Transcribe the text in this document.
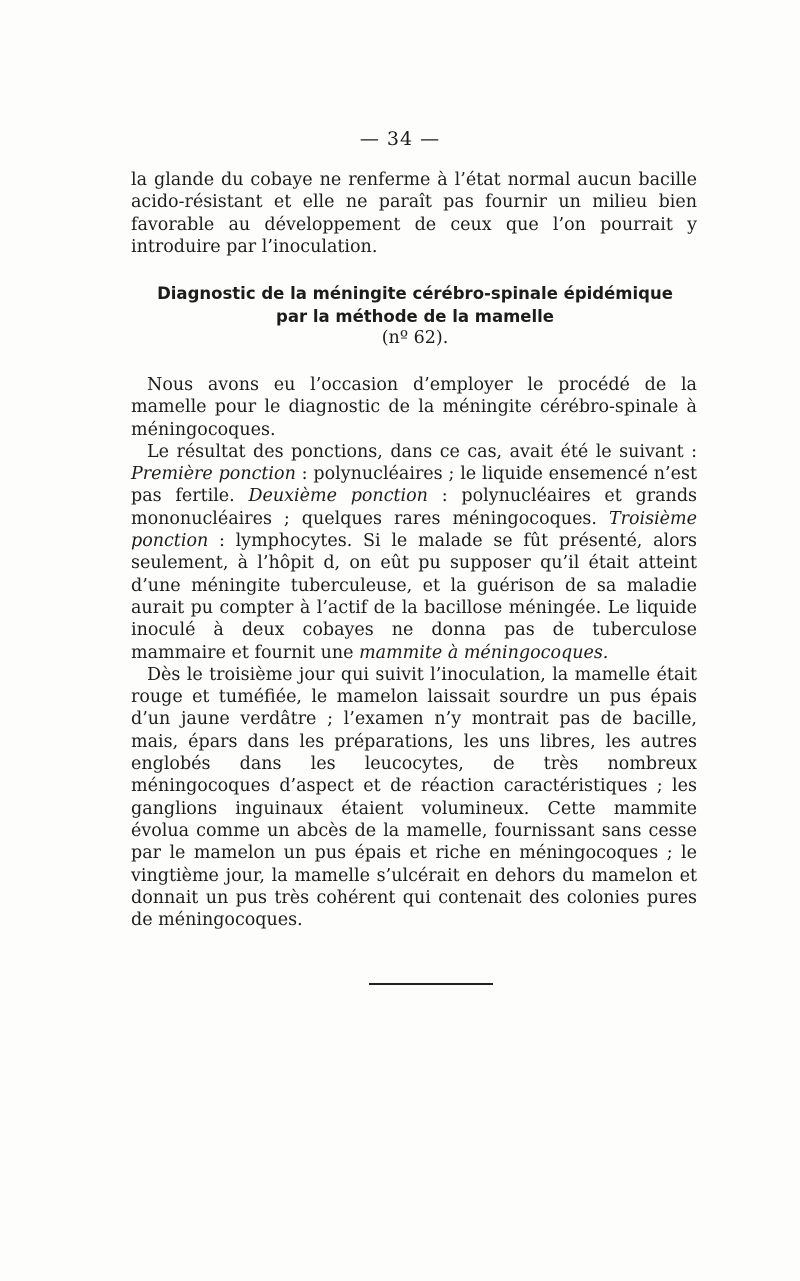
— 34 —

la glande du cobaye ne renferme à l’état normal aucun bacille acido-résistant et elle ne paraît pas fournir un milieu bien favorable au développement de ceux que l’on pourrait y introduire par l’inoculation.

Diagnostic de la méningite cérébro-spinale épidémique
par la méthode de la mamelle
(nº 62).

Nous avons eu l’occasion d’employer le procédé de la mamelle pour le diagnostic de la méningite cérébro-spinale à méningocoques.

Le résultat des ponctions, dans ce cas, avait été le suivant : Première ponction : polynucléaires ; le liquide ensemencé n’est pas fertile. Deuxième ponction : polynucléaires et grands mononucléaires ; quelques rares méningocoques. Troisième ponction : lymphocytes. Si le malade se fût présenté, alors seulement, à l’hôpit d, on eût pu supposer qu’il était atteint d’une méningite tuberculeuse, et la guérison de sa maladie aurait pu compter à l’actif de la bacillose méningée. Le liquide inoculé à deux cobayes ne donna pas de tuberculose mammaire et fournit une mammite à méningocoques.

Dès le troisième jour qui suivit l’inoculation, la mamelle était rouge et tuméfiée, le mamelon laissait sourdre un pus épais d’un jaune verdâtre ; l’examen n’y montrait pas de bacille, mais, épars dans les préparations, les uns libres, les autres englobés dans les leucocytes, de très nombreux méningocoques d’aspect et de réaction caractéristiques ; les ganglions inguinaux étaient volumineux. Cette mammite évolua comme un abcès de la mamelle, fournissant sans cesse par le mamelon un pus épais et riche en méningocoques ; le vingtième jour, la mamelle s’ulcérait en dehors du mamelon et donnait un pus très cohérent qui contenait des colonies pures de méningocoques.
